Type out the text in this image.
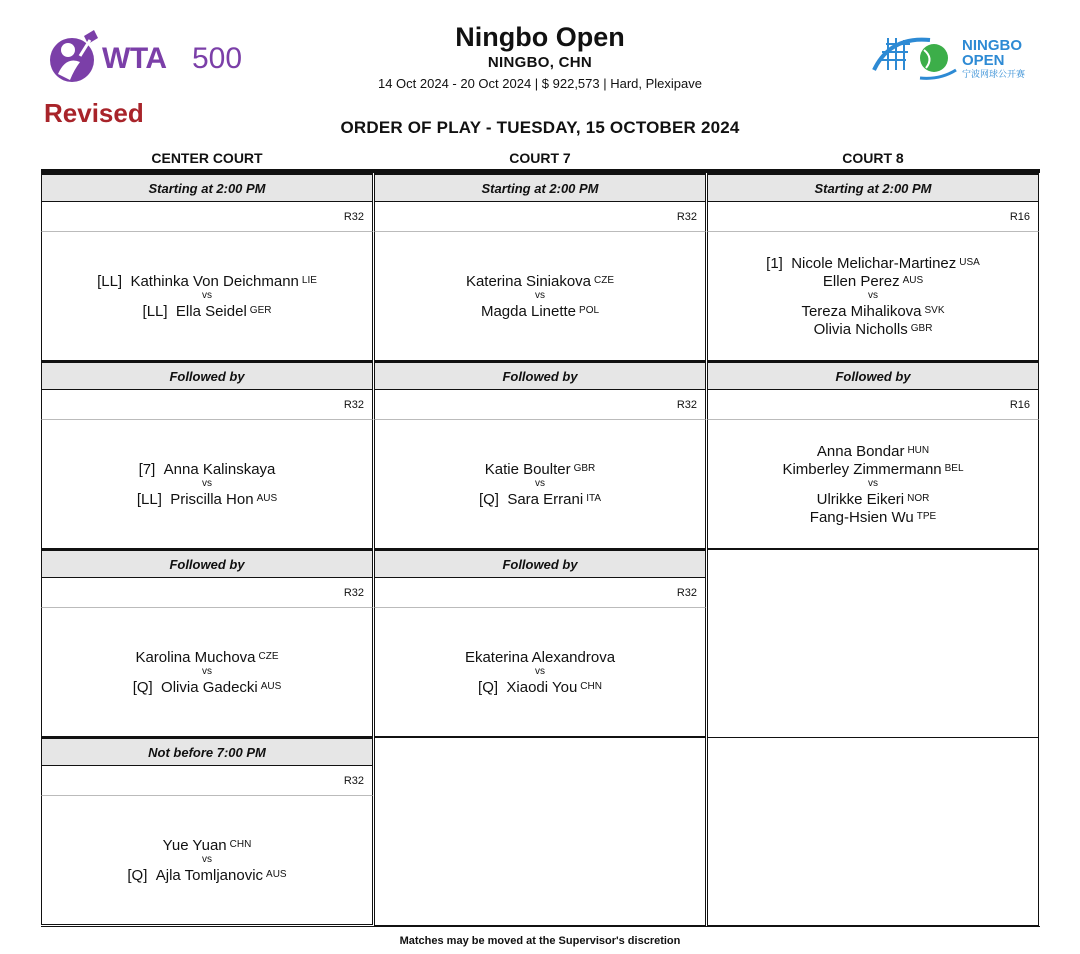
WTA 500
Revised
Ningbo Open
NINGBO, CHN
14 Oct 2024 - 20 Oct 2024 | $ 922,573 | Hard, Plexipave
NINGBO
OPEN
宁波网球公开赛
ORDER OF PLAY - TUESDAY, 15 OCTOBER 2024
CENTER COURT	COURT 7	COURT 8
Starting at 2:00 PM
R32
[LL] Kathinka Von Deichmann $^{LIE}$
vs
[LL] Ella Seidel $^{GER}$
Followed by
R32
[7] Anna Kalinskaya
vs
[LL] Priscilla Hon $^{AUS}$
Followed by
R32
Karolina Muchova $^{CZE}$
vs
[Q] Olivia Gadecki $^{AUS}$
Not before 7:00 PM
R32
Yue Yuan $^{CHN}$
vs
[Q] Ajla Tomljanovic $^{AUS}$
Starting at 2:00 PM
R32
Katerina Siniakova $^{CZE}$
vs
Magda Linette $^{POL}$
Followed by
R32
Katie Boulter $^{GBR}$
vs
[Q] Sara Errani $^{ITA}$
Followed by
R32
Ekaterina Alexandrova
vs
[Q] Xiaodi You $^{CHN}$
Starting at 2:00 PM
R16
[1] Nicole Melichar-Martinez $^{USA}$
Ellen Perez $^{AUS}$
vs
Tereza Mihalikova $^{SVK}$
Olivia Nicholls $^{GBR}$
Followed by
R16
Anna Bondar $^{HUN}$
Kimberley Zimmermann $^{BEL}$
vs
Ulrikke Eikeri $^{NOR}$
Fang-Hsien Wu $^{TPE}$
Matches may be moved at the Supervisor's discretion
